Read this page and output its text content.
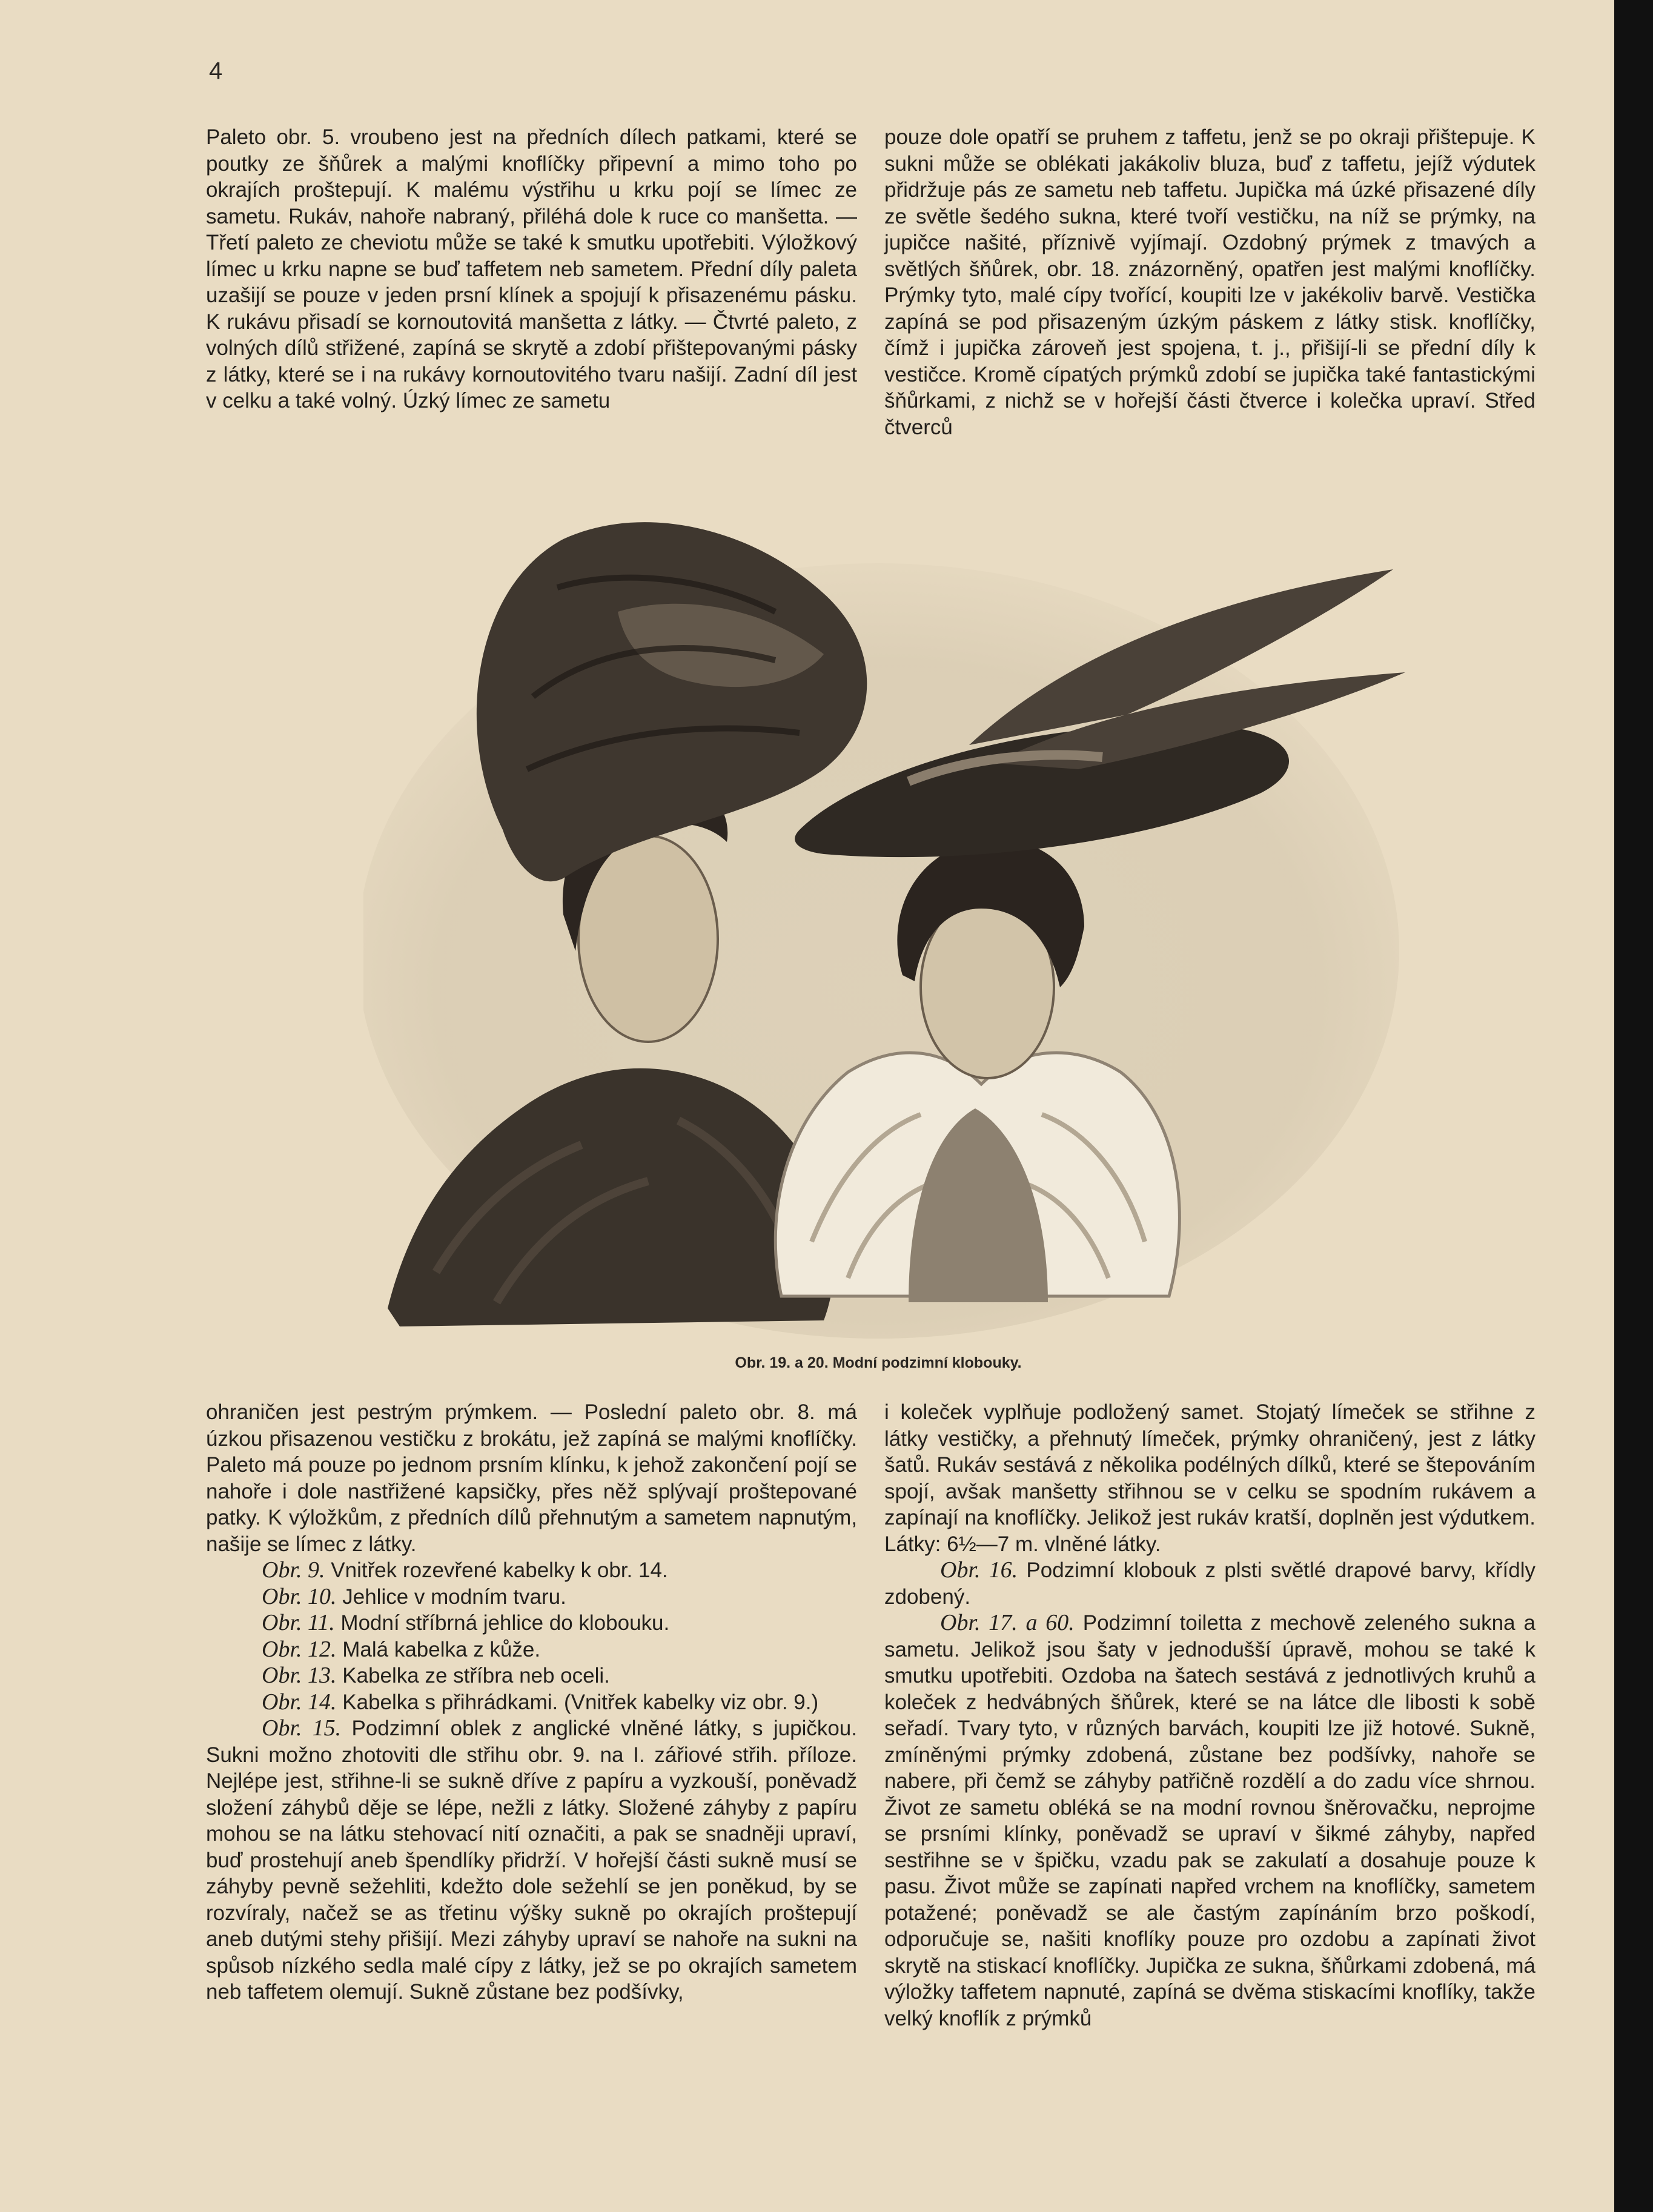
4

Paleto obr. 5. vroubeno jest na předních dílech patkami, které se poutky ze šňůrek a malými knoflíčky připevní a mimo toho po okrajích proštepují. K malému výstřihu u krku pojí se límec ze sametu. Rukáv, nahoře nabraný, přiléhá dole k ruce co manšetta. — Třetí paleto ze cheviotu může se také k smutku upotřebiti. Výložkový límec u krku napne se buď taffetem neb sametem. Přední díly paleta uzašijí se pouze v jeden prsní klínek a spojují k přisazenému pásku. K rukávu přisadí se kornoutovitá manšetta z látky. — Čtvrté paleto, z volných dílů střižené, zapíná se skrytě a zdobí přištepovanými pásky z látky, které se i na rukávy kornoutovitého tvaru našijí. Zadní díl jest v celku a také volný. Úzký límec ze sametu

pouze dole opatří se pruhem z taffetu, jenž se po okraji přištepuje. K sukni může se oblékati jakákoliv bluza, buď z taffetu, jejíž výdutek přidržuje pás ze sametu neb taffetu. Jupička má úzké přisazené díly ze světle šedého sukna, které tvoří vestičku, na níž se prýmky, na jupičce našité, příznivě vyjímají. Ozdobný prýmek z tmavých a světlých šňůrek, obr. 18. znázorněný, opatřen jest malými knoflíčky. Prýmky tyto, malé cípy tvořící, koupiti lze v jakékoliv barvě. Vestička zapíná se pod přisazeným úzkým páskem z látky stisk. knoflíčky, čímž i jupička zároveň jest spojena, t. j., přišijí-li se přední díly k vestičce. Kromě cípatých prýmků zdobí se jupička také fantastickými šňůrkami, z nichž se v hořejší části čtverce i kolečka upraví. Střed čtverců

Obr. 19. a 20. Modní podzimní klobouky.

ohraničen jest pestrým prýmkem. — Poslední paleto obr. 8. má úzkou přisazenou vestičku z brokátu, jež zapíná se malými knoflíčky. Paleto má pouze po jednom prsním klínku, k jehož zakončení pojí se nahoře i dole nastřižené kapsičky, přes něž splývají proštepované patky. K výložkům, z předních dílů přehnutým a sametem napnutým, našije se límec z látky.

Obr. 9. Vnitřek rozevřené kabelky k obr. 14.

Obr. 10. Jehlice v modním tvaru.

Obr. 11. Modní stříbrná jehlice do klobouku.

Obr. 12. Malá kabelka z kůže.

Obr. 13. Kabelka ze stříbra neb oceli.

Obr. 14. Kabelka s přihrádkami. (Vnitřek kabelky viz obr. 9.)

Obr. 15. Podzimní oblek z anglické vlněné látky, s jupičkou. Sukni možno zhotoviti dle střihu obr. 9. na I. zářiové střih. příloze. Nejlépe jest, střihne-li se sukně dříve z papíru a vyzkouší, poněvadž složení záhybů děje se lépe, nežli z látky. Složené záhyby z papíru mohou se na látku stehovací nití označiti, a pak se snadněji upraví, buď prostehují aneb špendlíky přidrží. V hořejší části sukně musí se záhyby pevně sežehliti, kdežto dole sežehlí se jen poněkud, by se rozvíraly, načež se as třetinu výšky sukně po okrajích proštepují aneb dutými stehy přišijí. Mezi záhyby upraví se nahoře na sukni na spůsob nízkého sedla malé cípy z látky, jež se po okrajích sametem neb taffetem olemují. Sukně zůstane bez podšívky,

i koleček vyplňuje podložený samet. Stojatý límeček se střihne z látky vestičky, a přehnutý límeček, prýmky ohraničený, jest z látky šatů. Rukáv sestává z několika podélných dílků, které se štepováním spojí, avšak manšetty střihnou se v celku se spodním rukávem a zapínají na knoflíčky. Jelikož jest rukáv kratší, doplněn jest výdutkem. Látky: 6½—7 m. vlněné látky.

Obr. 16. Podzimní klobouk z plsti světlé drapové barvy, křídly zdobený.

Obr. 17. a 60. Podzimní toiletta z mechově zeleného sukna a sametu. Jelikož jsou šaty v jednodušší úpravě, mohou se také k smutku upotřebiti. Ozdoba na šatech sestává z jednotlivých kruhů a koleček z hedvábných šňůrek, které se na látce dle libosti k sobě seřadí. Tvary tyto, v různých barvách, koupiti lze již hotové. Sukně, zmíněnými prýmky zdobená, zůstane bez podšívky, nahoře se nabere, při čemž se záhyby patřičně rozdělí a do zadu více shrnou. Život ze sametu obléká se na modní rovnou šněrovačku, neprojme se prsními klínky, poněvadž se upraví v šikmé záhyby, napřed sestřihne se v špičku, vzadu pak se zakulatí a dosahuje pouze k pasu. Život může se zapínati napřed vrchem na knoflíčky, sametem potažené; poněvadž se ale častým zapínáním brzo poškodí, odporučuje se, našiti knoflíky pouze pro ozdobu a zapínati život skrytě na stiskací knoflíčky. Jupička ze sukna, šňůrkami zdobená, má výložky taffetem napnuté, zapíná se dvěma stiskacími knoflíky, takže velký knoflík z prýmků
